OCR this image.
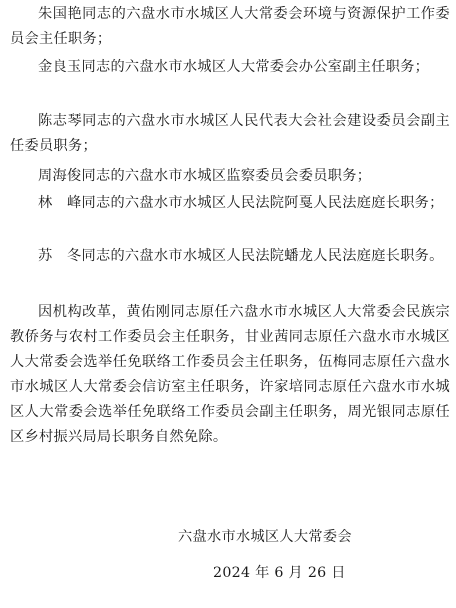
朱国艳同志的六盘水市水城区人大常委会环境与资源保护工作委员会主任职务；

金良玉同志的六盘水市水城区人大常委会办公室副主任职务；

陈志琴同志的六盘水市水城区人民代表大会社会建设委员会副主任委员职务；

周海俊同志的六盘水市水城区监察委员会委员职务；

林　峰同志的六盘水市水城区人民法院阿戛人民法庭庭长职务；

苏　冬同志的六盘水市水城区人民法院蟠龙人民法庭庭长职务。

因机构改革，黄佑刚同志原任六盘水市水城区人大常委会民族宗教侨务与农村工作委员会主任职务，甘业茜同志原任六盘水市水城区人大常委会选举任免联络工作委员会主任职务，伍梅同志原任六盘水市水城区人大常委会信访室主任职务，许家培同志原任六盘水市水城区人大常委会选举任免联络工作委员会副主任职务，周光银同志原任区乡村振兴局局长职务自然免除。

六盘水市水城区人大常委会

2024 年 6 月 26 日
